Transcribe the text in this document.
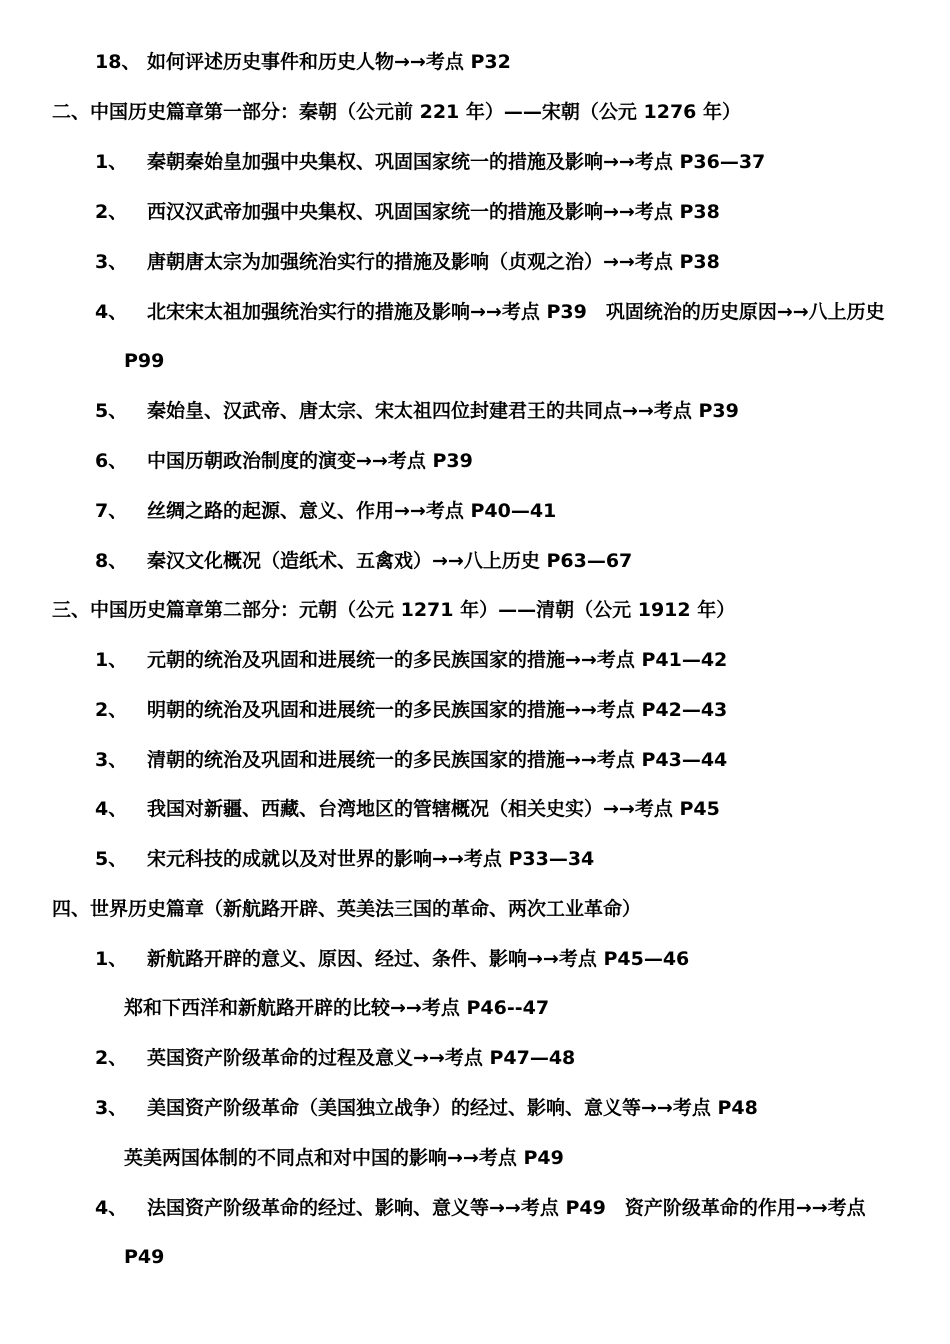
18、 如何评述历史事件和历史人物→→考点 P32
二、中国历史篇章第一部分：秦朝（公元前 221 年）——宋朝（公元 1276 年）
1、 秦朝秦始皇加强中央集权、巩固国家统一的措施及影响→→考点 P36—37
2、 西汉汉武帝加强中央集权、巩固国家统一的措施及影响→→考点 P38
3、 唐朝唐太宗为加强统治实行的措施及影响（贞观之治）→→考点 P38
4、 北宋宋太祖加强统治实行的措施及影响→→考点 P39　巩固统治的历史原因→→八上历史
P99
5、 秦始皇、汉武帝、唐太宗、宋太祖四位封建君王的共同点→→考点 P39
6、 中国历朝政治制度的演变→→考点 P39
7、 丝绸之路的起源、意义、作用→→考点 P40—41
8、 秦汉文化概况（造纸术、五禽戏）→→八上历史 P63—67
三、中国历史篇章第二部分：元朝（公元 1271 年）——清朝（公元 1912 年）
1、 元朝的统治及巩固和进展统一的多民族国家的措施→→考点 P41—42
2、 明朝的统治及巩固和进展统一的多民族国家的措施→→考点 P42—43
3、 清朝的统治及巩固和进展统一的多民族国家的措施→→考点 P43—44
4、 我国对新疆、西藏、台湾地区的管辖概况（相关史实）→→考点 P45
5、 宋元科技的成就以及对世界的影响→→考点 P33—34
四、世界历史篇章（新航路开辟、英美法三国的革命、两次工业革命）
1、 新航路开辟的意义、原因、经过、条件、影响→→考点 P45—46
郑和下西洋和新航路开辟的比较→→考点 P46--47
2、 英国资产阶级革命的过程及意义→→考点 P47—48
3、 美国资产阶级革命（美国独立战争）的经过、影响、意义等→→考点 P48
英美两国体制的不同点和对中国的影响→→考点 P49
4、 法国资产阶级革命的经过、影响、意义等→→考点 P49　资产阶级革命的作用→→考点
P49
